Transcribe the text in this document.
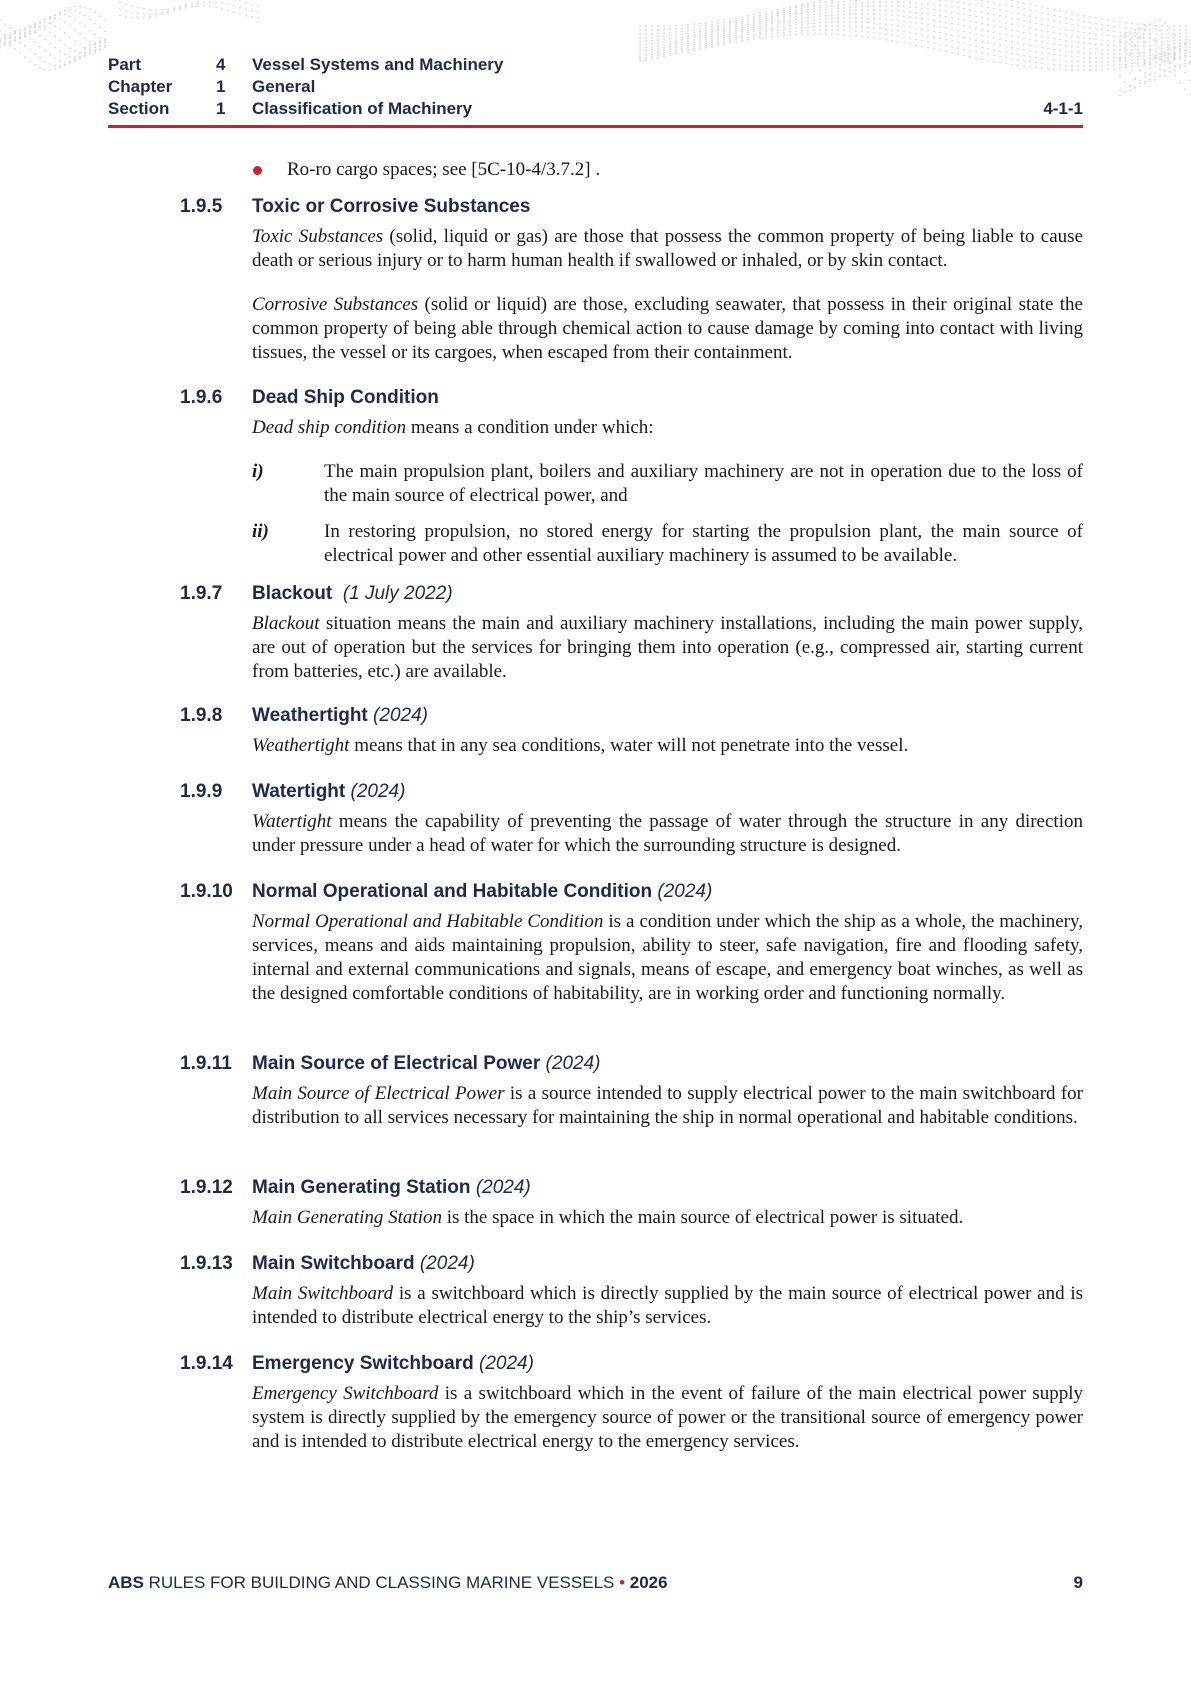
Part	4 Vessel Systems and Machinery
Chapter	1 General
Section	1 Classification of Machinery	4-1-1
Ro-ro cargo spaces; see [5C-10-4/3.7.2] .
1.9.5 Toxic or Corrosive Substances
Toxic Substances (solid, liquid or gas) are those that possess the common property of being liable to cause death or serious injury or to harm human health if swallowed or inhaled, or by skin contact.
Corrosive Substances (solid or liquid) are those, excluding seawater, that possess in their original state the common property of being able through chemical action to cause damage by coming into contact with living tissues, the vessel or its cargoes, when escaped from their containment.
1.9.6 Dead Ship Condition
Dead ship condition means a condition under which:
i)	The main propulsion plant, boilers and auxiliary machinery are not in operation due to the loss of the main source of electrical power, and
ii)	In restoring propulsion, no stored energy for starting the propulsion plant, the main source of electrical power and other essential auxiliary machinery is assumed to be available.
1.9.7 Blackout (1 July 2022)
Blackout situation means the main and auxiliary machinery installations, including the main power supply, are out of operation but the services for bringing them into operation (e.g., compressed air, starting current from batteries, etc.) are available.
1.9.8 Weathertight (2024)
Weathertight means that in any sea conditions, water will not penetrate into the vessel.
1.9.9 Watertight (2024)
Watertight means the capability of preventing the passage of water through the structure in any direction under pressure under a head of water for which the surrounding structure is designed.
1.9.10 Normal Operational and Habitable Condition (2024)
Normal Operational and Habitable Condition is a condition under which the ship as a whole, the machinery, services, means and aids maintaining propulsion, ability to steer, safe navigation, fire and flooding safety, internal and external communications and signals, means of escape, and emergency boat winches, as well as the designed comfortable conditions of habitability, are in working order and functioning normally.
1.9.11 Main Source of Electrical Power (2024)
Main Source of Electrical Power is a source intended to supply electrical power to the main switchboard for distribution to all services necessary for maintaining the ship in normal operational and habitable conditions.
1.9.12 Main Generating Station (2024)
Main Generating Station is the space in which the main source of electrical power is situated.
1.9.13 Main Switchboard (2024)
Main Switchboard is a switchboard which is directly supplied by the main source of electrical power and is intended to distribute electrical energy to the ship’s services.
1.9.14 Emergency Switchboard (2024)
Emergency Switchboard is a switchboard which in the event of failure of the main electrical power supply system is directly supplied by the emergency source of power or the transitional source of emergency power and is intended to distribute electrical energy to the emergency services.
ABS RULES FOR BUILDING AND CLASSING MARINE VESSELS • 2026	9
